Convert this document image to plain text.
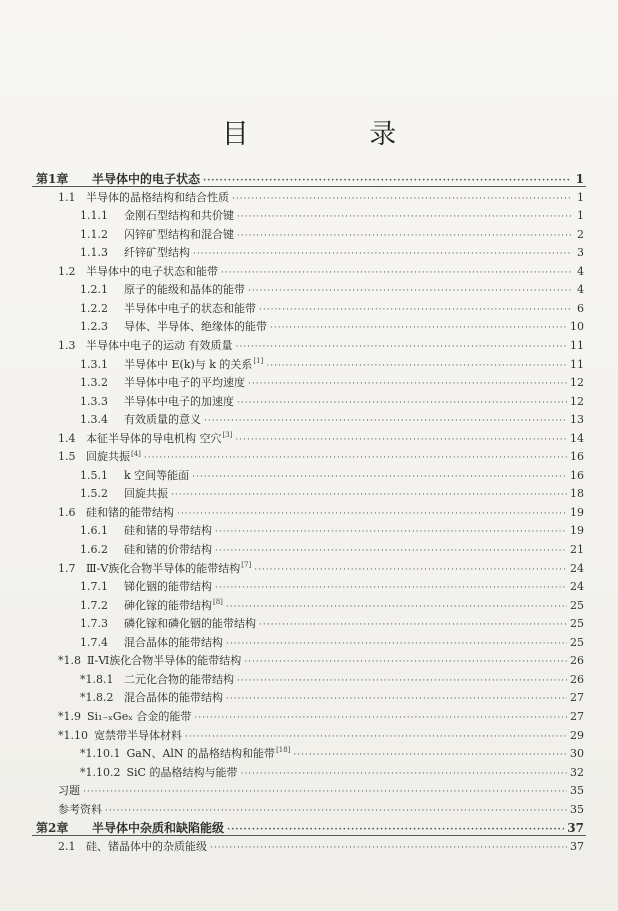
目 录
第1章	半导体中的电子状态 ·····	1
1.1 半导体的晶格结构和结合性质 ·····	1
1.1.1	金刚石型结构和共价键 ·····	1
1.1.2	闪锌矿型结构和混合键 ·····	2
1.1.3	纤锌矿型结构 ·····	3
1.2 半导体中的电子状态和能带 ·····	4
1.2.1	原子的能级和晶体的能带 ·····	4
1.2.2	半导体中电子的状态和能带 ·····	6
1.2.3	导体、半导体、绝缘体的能带 ·····	10
1.3 半导体中电子的运动 有效质量 ·····	11
1.3.1	半导体中 E(k)与 k 的关系[1] ·····	11
1.3.2	半导体中电子的平均速度 ·····	12
1.3.3	半导体中电子的加速度 ·····	12
1.3.4	有效质量的意义 ·····	13
1.4 本征半导体的导电机构 空穴[3] ·····	14
1.5 回旋共振[4] ·····	16
1.5.1	k 空间等能面 ·····	16
1.5.2	回旋共振 ·····	18
1.6 硅和锗的能带结构 ·····	19
1.6.1	硅和锗的导带结构 ·····	19
1.6.2	硅和锗的价带结构 ·····	21
1.7 Ⅲ-Ⅴ族化合物半导体的能带结构[7] ·····	24
1.7.1	锑化铟的能带结构 ·····	24
1.7.2	砷化镓的能带结构[8] ·····	25
1.7.3	磷化镓和磷化铟的能带结构 ·····	25
1.7.4	混合晶体的能带结构 ·····	25
*1.8 Ⅱ-Ⅵ族化合物半导体的能带结构 ·····	26
*1.8.1 二元化合物的能带结构 ·····	26
*1.8.2 混合晶体的能带结构 ·····	27
*1.9 Si₁₋ₓGeₓ 合金的能带 ·····	27
*1.10 宽禁带半导体材料 ·····	29
*1.10.1 GaN、AlN 的晶格结构和能带[18] ·····	30
*1.10.2 SiC 的晶格结构与能带 ·····	32
习题 ·····	35
参考资料 ·····	35
第2章	半导体中杂质和缺陷能级 ·····	37
2.1 硅、锗晶体中的杂质能级 ·····	37
